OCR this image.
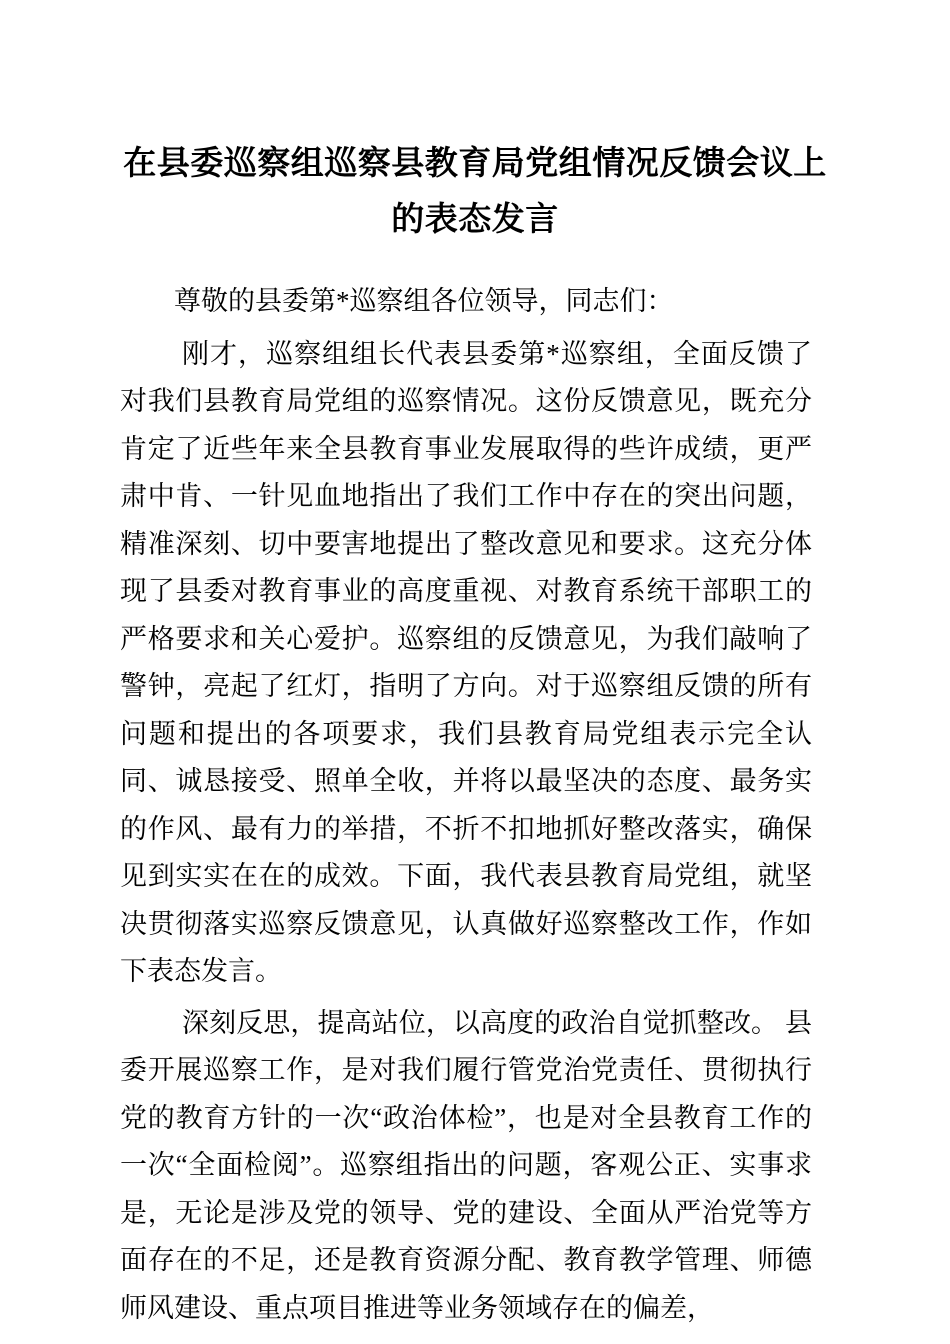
在县委巡察组巡察县教育局党组情况反馈会议上的表态发言

尊敬的县委第*巡察组各位领导，同志们：

刚才，巡察组组长代表县委第*巡察组，全面反馈了对我们县教育局党组的巡察情况。这份反馈意见，既充分肯定了近些年来全县教育事业发展取得的些许成绩，更严肃中肯、一针见血地指出了我们工作中存在的突出问题，精准深刻、切中要害地提出了整改意见和要求。这充分体现了县委对教育事业的高度重视、对教育系统干部职工的严格要求和关心爱护。巡察组的反馈意见，为我们敲响了警钟，亮起了红灯，指明了方向。对于巡察组反馈的所有问题和提出的各项要求，我们县教育局党组表示完全认同、诚恳接受、照单全收，并将以最坚决的态度、最务实的作风、最有力的举措，不折不扣地抓好整改落实，确保见到实实在在的成效。下面，我代表县教育局党组，就坚决贯彻落实巡察反馈意见，认真做好巡察整改工作，作如下表态发言。

深刻反思，提高站位，以高度的政治自觉抓整改。 县委开展巡察工作，是对我们履行管党治党责任、贯彻执行党的教育方针的一次“政治体检”，也是对全县教育工作的一次“全面检阅”。巡察组指出的问题，客观公正、实事求是，无论是涉及党的领导、党的建设、全面从严治党等方面存在的不足，还是教育资源分配、教育教学管理、师德师风建设、重点项目推进等业务领域存在的偏差，
